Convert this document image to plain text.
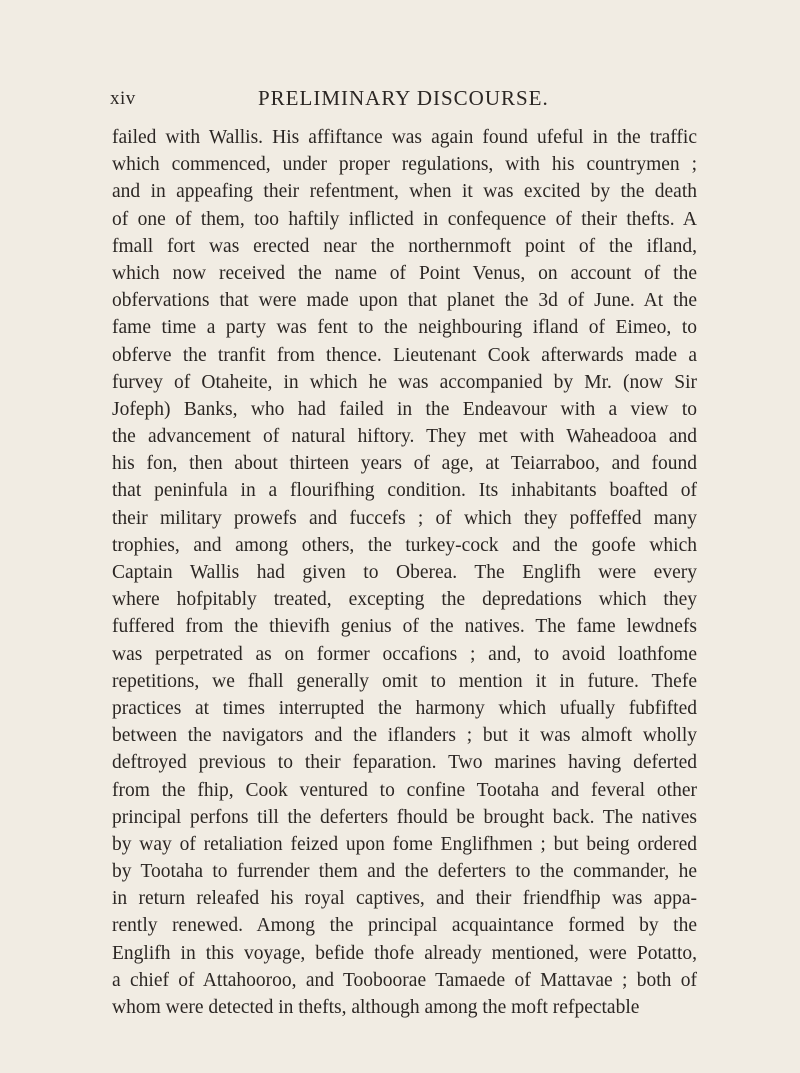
xiv	PRELIMINARY DISCOURSE.
failed with Wallis. His affiftance was again found ufeful in the traffic
which commenced, under proper regulations, with his countrymen ;
and in appeafing their refentment, when it was excited by the death
of one of them, too haftily inflicted in confequence of their thefts. A
fmall fort was erected near the northernmoft point of the ifland,
which now received the name of Point Venus, on account of the
obfervations that were made upon that planet the 3d of June. At the
fame time a party was fent to the neighbouring ifland of Eimeo, to
obferve the tranfit from thence. Lieutenant Cook afterwards made a
furvey of Otaheite, in which he was accompanied by Mr. (now Sir
Jofeph) Banks, who had failed in the Endeavour with a view to
the advancement of natural hiftory. They met with Waheadooa and
his fon, then about thirteen years of age, at Teiarraboo, and found
that peninfula in a flourifhing condition. Its inhabitants boafted of
their military prowefs and fuccefs ; of which they poffeffed many
trophies, and among others, the turkey-cock and the goofe which
Captain Wallis had given to Oberea. The Englifh were every
where hofpitably treated, excepting the depredations which they
fuffered from the thievifh genius of the natives. The fame lewdnefs
was perpetrated as on former occafions ; and, to avoid loathfome
repetitions, we fhall generally omit to mention it in future. Thefe
practices at times interrupted the harmony which ufually fubfifted
between the navigators and the iflanders ; but it was almoft wholly
deftroyed previous to their feparation. Two marines having deferted
from the fhip, Cook ventured to confine Tootaha and feveral other
principal perfons till the deferters fhould be brought back. The natives
by way of retaliation feized upon fome Englifhmen ; but being ordered
by Tootaha to furrender them and the deferters to the commander, he
in return releafed his royal captives, and their friendfhip was appa-
rently renewed. Among the principal acquaintance formed by the
Englifh in this voyage, befide thofe already mentioned, were Potatto,
a chief of Attahooroo, and Tooboorae Tamaede of Mattavae ; both of
whom were detected in thefts, although among the moft refpectable
